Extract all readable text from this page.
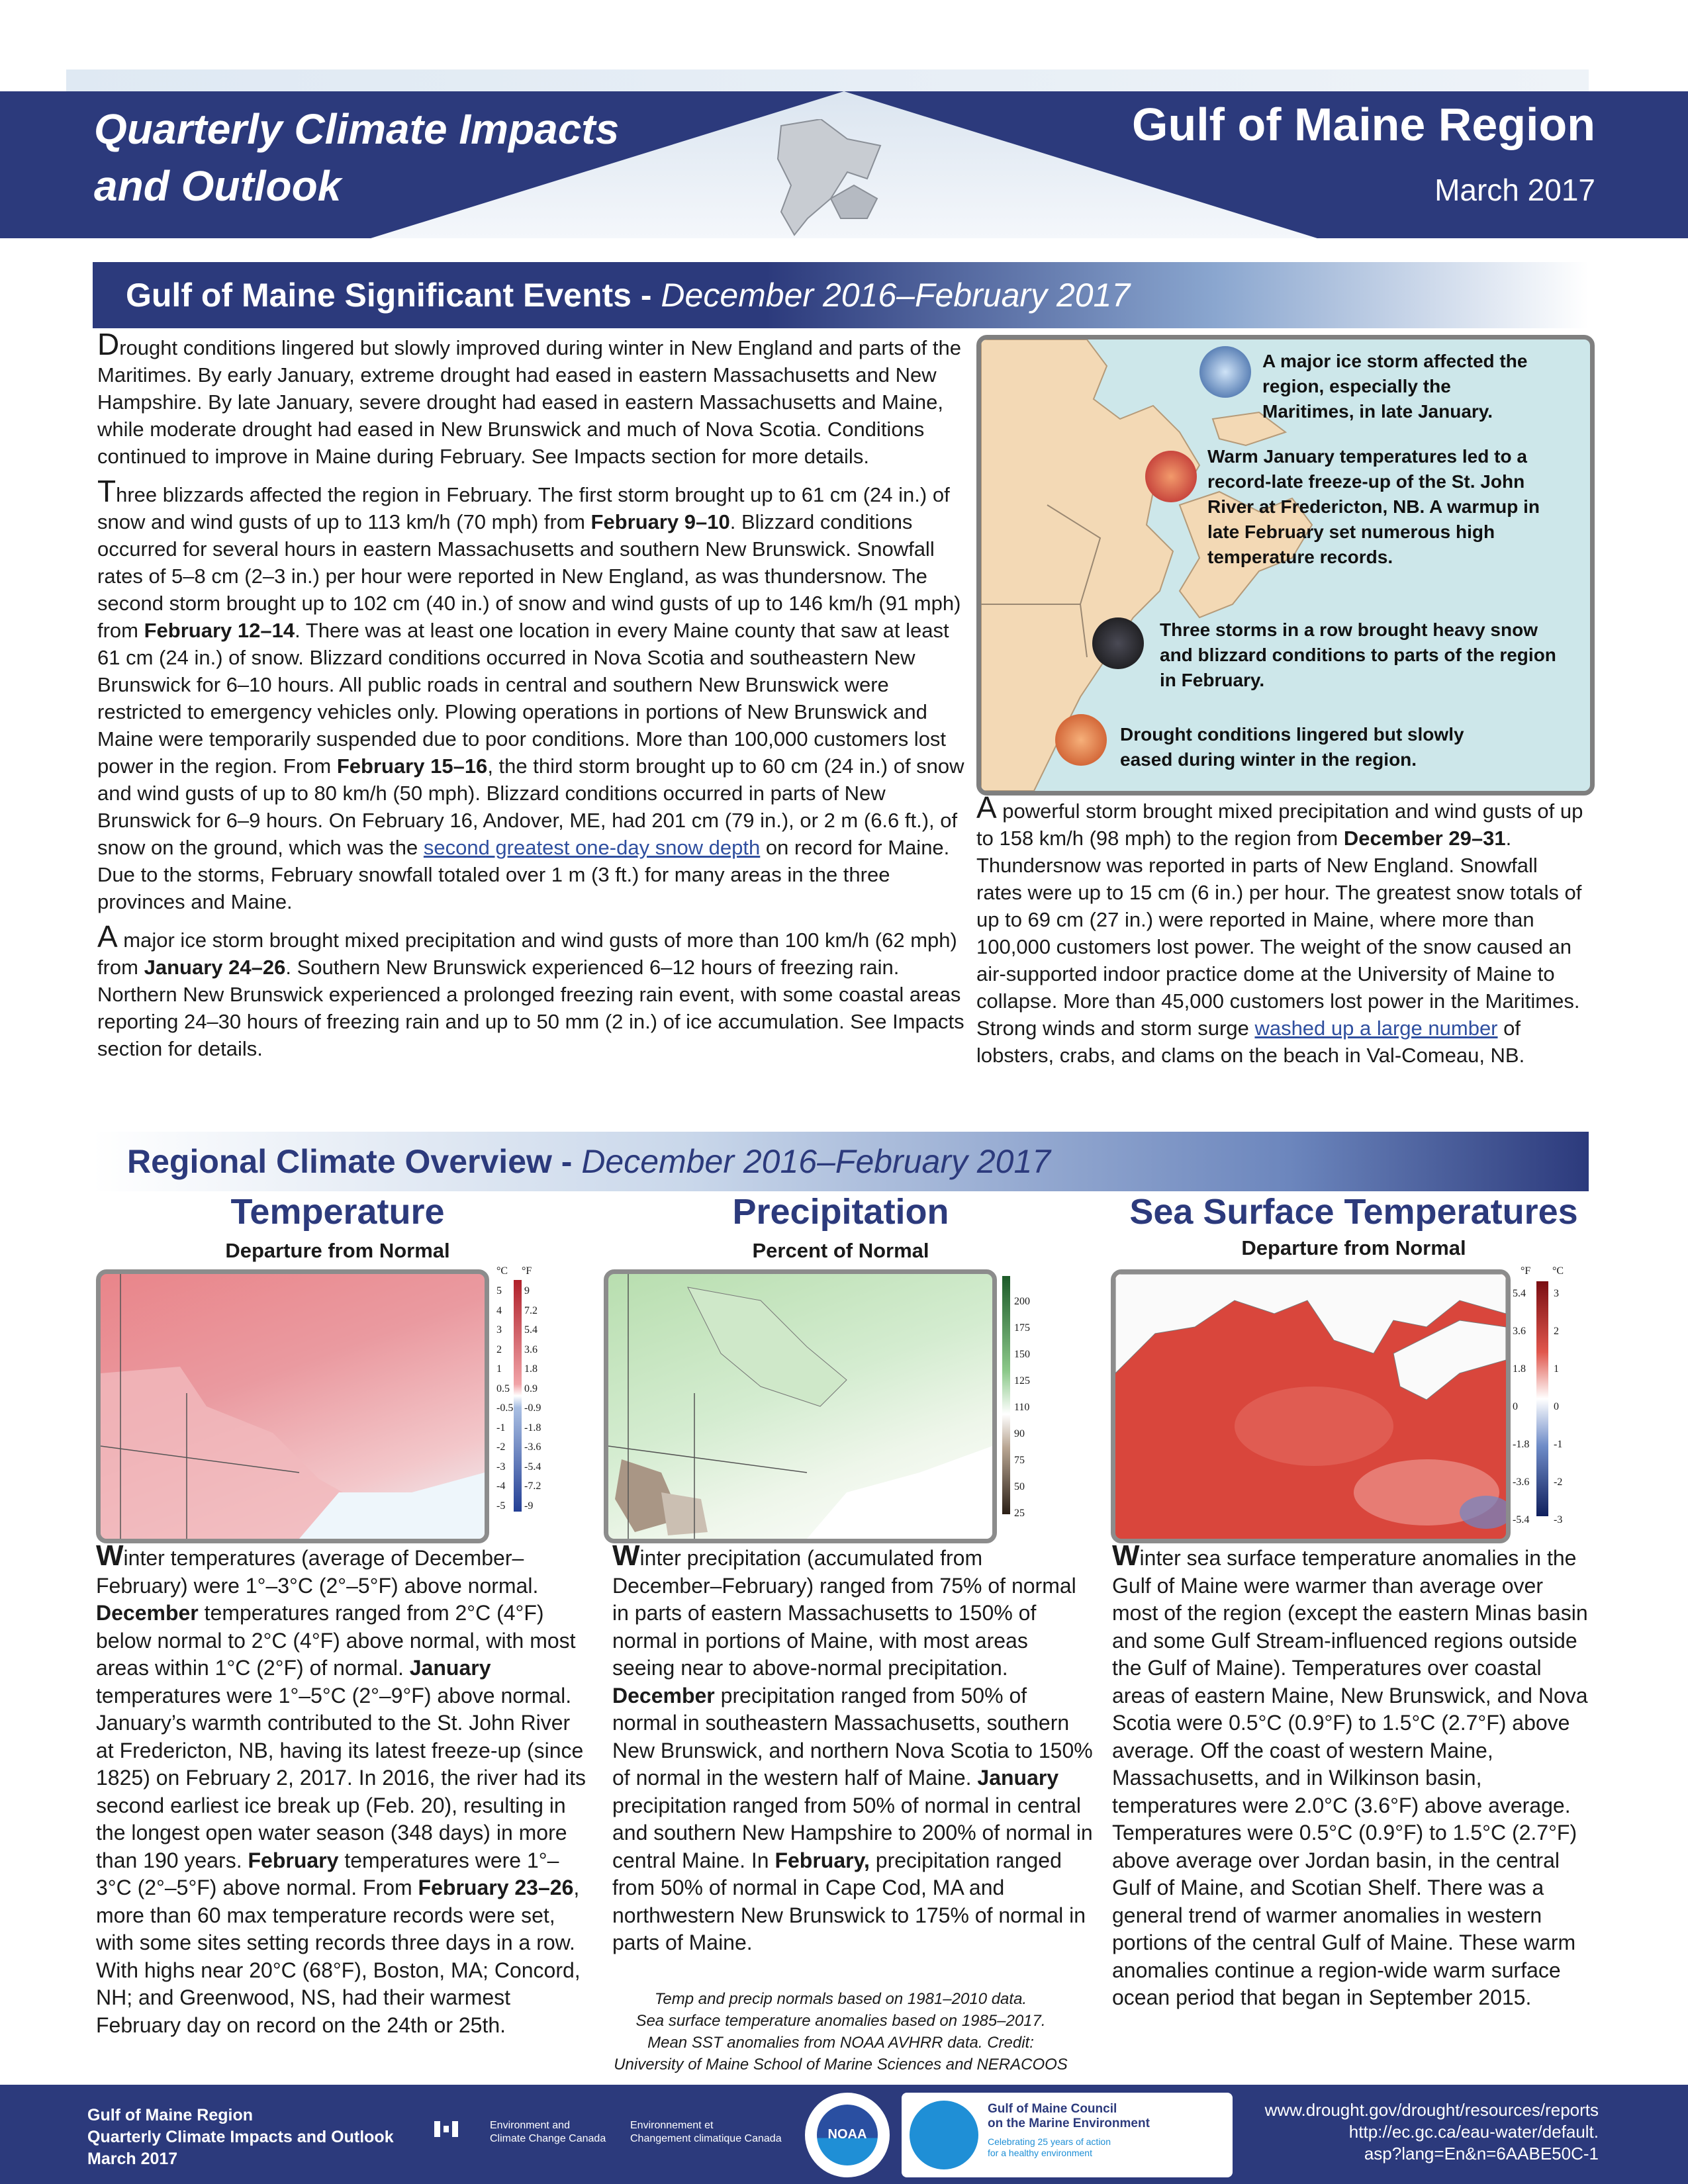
Quarterly Climate Impacts
and Outlook
Gulf of Maine Region
March 2017
Gulf of Maine Significant Events - December 2016–February 2017

Drought conditions lingered but slowly improved during winter in New England and parts of the Maritimes. By early January, extreme drought had eased in eastern Massachusetts and New Hampshire. By late January, severe drought had eased in eastern Massachusetts and Maine, while moderate drought had eased in New Brunswick and much of Nova Scotia. Conditions continued to improve in Maine during February. See Impacts section for more details.

Three blizzards affected the region in February. The first storm brought up to 61 cm (24 in.) of snow and wind gusts of up to 113 km/h (70 mph) from February 9–10. Blizzard conditions occurred for several hours in eastern Massachusetts and southern New Brunswick. Snowfall rates of 5–8 cm (2–3 in.) per hour were reported in New England, as was thundersnow. The second storm brought up to 102 cm (40 in.) of snow and wind gusts of up to 146 km/h (91 mph) from February 12–14. There was at least one location in every Maine county that saw at least 61 cm (24 in.) of snow. Blizzard conditions occurred in Nova Scotia and southeastern New Brunswick for 6–10 hours. All public roads in central and southern New Brunswick were restricted to emergency vehicles only. Plowing operations in portions of New Brunswick and Maine were temporarily suspended due to poor conditions. More than 100,000 customers lost power in the region. From February 15–16, the third storm brought up to 60 cm (24 in.) of snow and wind gusts of up to 80 km/h (50 mph). Blizzard conditions occurred in parts of New Brunswick for 6–9 hours. On February 16, Andover, ME, had 201 cm (79 in.), or 2 m (6.6 ft.), of snow on the ground, which was the second greatest one-day snow depth on record for Maine. Due to the storms, February snowfall totaled over 1 m (3 ft.) for many areas in the three provinces and Maine.

A major ice storm brought mixed precipitation and wind gusts of more than 100 km/h (62 mph) from January 24–26. Southern New Brunswick experienced 6–12 hours of freezing rain. Northern New Brunswick experienced a prolonged freezing rain event, with some coastal areas reporting 24–30 hours of freezing rain and up to 50 mm (2 in.) of ice accumulation. See Impacts section for details.

A major ice storm affected the region, especially the Maritimes, in late January.
Warm January temperatures led to a record-late freeze-up of the St. John River at Fredericton, NB. A warmup in late February set numerous high temperature records.
Three storms in a row brought heavy snow and blizzard conditions to parts of the region in February.
Drought conditions lingered but slowly eased during winter in the region.

A powerful storm brought mixed precipitation and wind gusts of up to 158 km/h (98 mph) to the region from December 29–31. Thundersnow was reported in parts of New England. Snowfall rates were up to 15 cm (6 in.) per hour. The greatest snow totals of up to 69 cm (27 in.) were reported in Maine, where more than 100,000 customers lost power. The weight of the snow caused an air-supported indoor practice dome at the University of Maine to collapse. More than 45,000 customers lost power in the Maritimes. Strong winds and storm surge washed up a large number of lobsters, crabs, and clams on the beach in Val-Comeau, NB.

Regional Climate Overview - December 2016–February 2017
Temperature
Departure from Normal
°C °F
5
4
3
2
1
0.5
-0.5
-1
-2
-3
-4
-5
9
7.2
5.4
3.6
1.8
0.9
-0.9
-1.8
-3.6
-5.4
-7.2
-9
Winter temperatures (average of December–February) were 1°–3°C (2°–5°F) above normal. December temperatures ranged from 2°C (4°F) below normal to 2°C (4°F) above normal, with most areas within 1°C (2°F) of normal. January temperatures were 1°–5°C (2°–9°F) above normal. January’s warmth contributed to the St. John River at Fredericton, NB, having its latest freeze-up (since 1825) on February 2, 2017. In 2016, the river had its second earliest ice break up (Feb. 20), resulting in the longest open water season (348 days) in more than 190 years. February temperatures were 1°–3°C (2°–5°F) above normal. From February 23–26, more than 60 max temperature records were set, with some sites setting records three days in a row. With highs near 20°C (68°F), Boston, MA; Concord, NH; and Greenwood, NS, had their warmest February day on record on the 24th or 25th.
Precipitation
Percent of Normal
200
175
150
125
110
90
75
50
25
Winter precipitation (accumulated from December–February) ranged from 75% of normal in parts of eastern Massachusetts to 150% of normal in portions of Maine, with most areas seeing near to above-normal precipitation. December precipitation ranged from 50% of normal in southeastern Massachusetts, southern New Brunswick, and northern Nova Scotia to 150% of normal in the western half of Maine. January precipitation ranged from 50% of normal in central and southern New Hampshire to 200% of normal in central Maine. In February, precipitation ranged from 50% of normal in Cape Cod, MA and northwestern New Brunswick to 175% of normal in parts of Maine.
Temp and precip normals based on 1981–2010 data.
Sea surface temperature anomalies based on 1985–2017.
Mean SST anomalies from NOAA AVHRR data. Credit:
University of Maine School of Marine Sciences and NERACOOS
Sea Surface Temperatures
Departure from Normal
°F °C
5.4
3.6
1.8
0
-1.8
-3.6
-5.4
3
2
1
0
-1
-2
-3
Winter sea surface temperature anomalies in the Gulf of Maine were warmer than average over most of the region (except the eastern Minas basin and some Gulf Stream-influenced regions outside the Gulf of Maine). Temperatures over coastal areas of eastern Maine, New Brunswick, and Nova Scotia were 0.5°C (0.9°F) to 1.5°C (2.7°F) above average. Off the coast of western Maine, Massachusetts, and in Wilkinson basin, temperatures were 2.0°C (3.6°F) above average. Temperatures were 0.5°C (0.9°F) to 1.5°C (2.7°F) above average over Jordan basin, in the central Gulf of Maine, and Scotian Shelf. There was a general trend of warmer anomalies in western portions of the central Gulf of Maine. These warm anomalies continue a region-wide warm surface ocean period that began in September 2015.
Gulf of Maine Region
Quarterly Climate Impacts and Outlook
March 2017
Environment and
Climate Change Canada
Environnement et
Changement climatique Canada	NOAA
Gulf of Maine Council
on the Marine Environment
Celebrating 25 years of action
for a healthy environment
www.drought.gov/drought/resources/reports
http://ec.gc.ca/eau-water/default.
asp?lang=En&n=6AABE50C-1
